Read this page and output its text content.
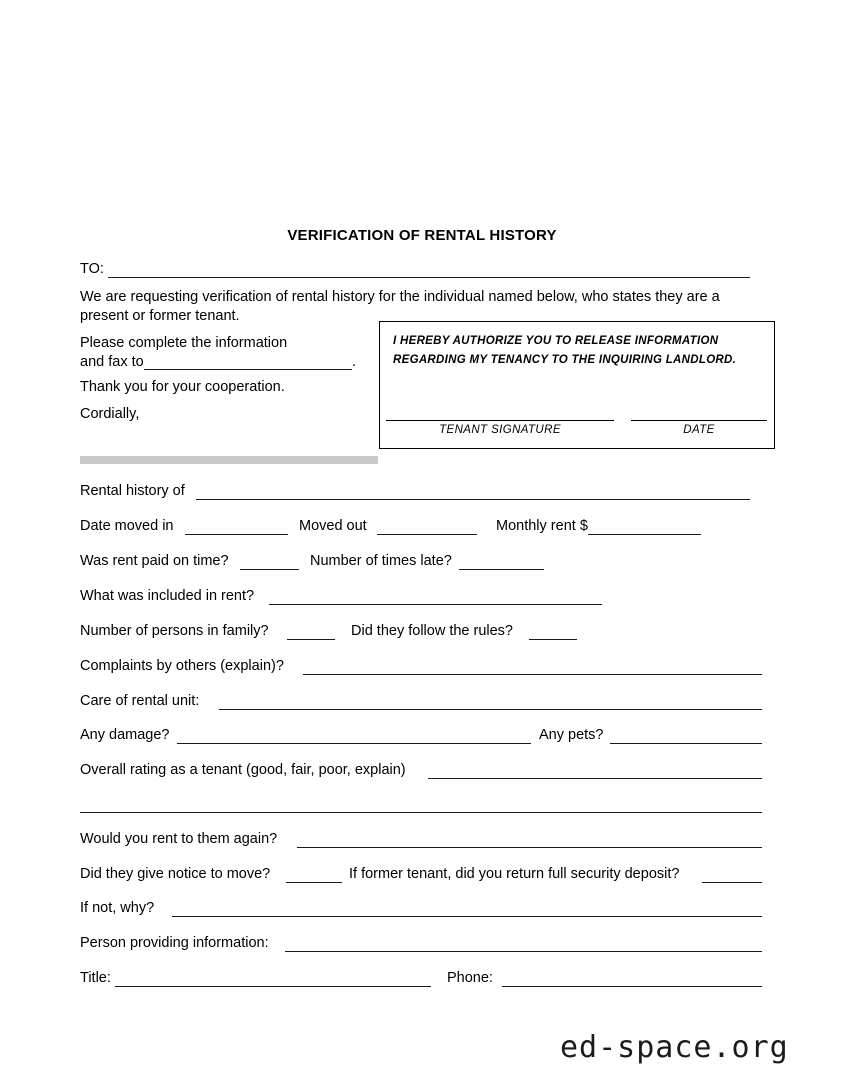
VERIFICATION OF RENTAL HISTORY
TO:
We are requesting verification of rental history for the individual named below, who states they are a present or former tenant.
Please complete the information
and fax to	.
Thank you for your cooperation.
Cordially,
I HEREBY AUTHORIZE YOU TO RELEASE INFORMATION
REGARDING MY TENANCY TO THE INQUIRING LANDLORD.
TENANT SIGNATURE	DATE
Rental history of
Date moved in	Moved out	Monthly rent $
Was rent paid on time?	Number of times late?
What was included in rent?
Number of persons in family?	Did they follow the rules?
Complaints by others (explain)?
Care of rental unit:
Any damage?	Any pets?
Overall rating as a tenant (good, fair, poor, explain)
Would you rent to them again?
Did they give notice to move?	If former tenant, did you return full security deposit?
If not, why?
Person providing information:
Title:	Phone:
ed-space.org
